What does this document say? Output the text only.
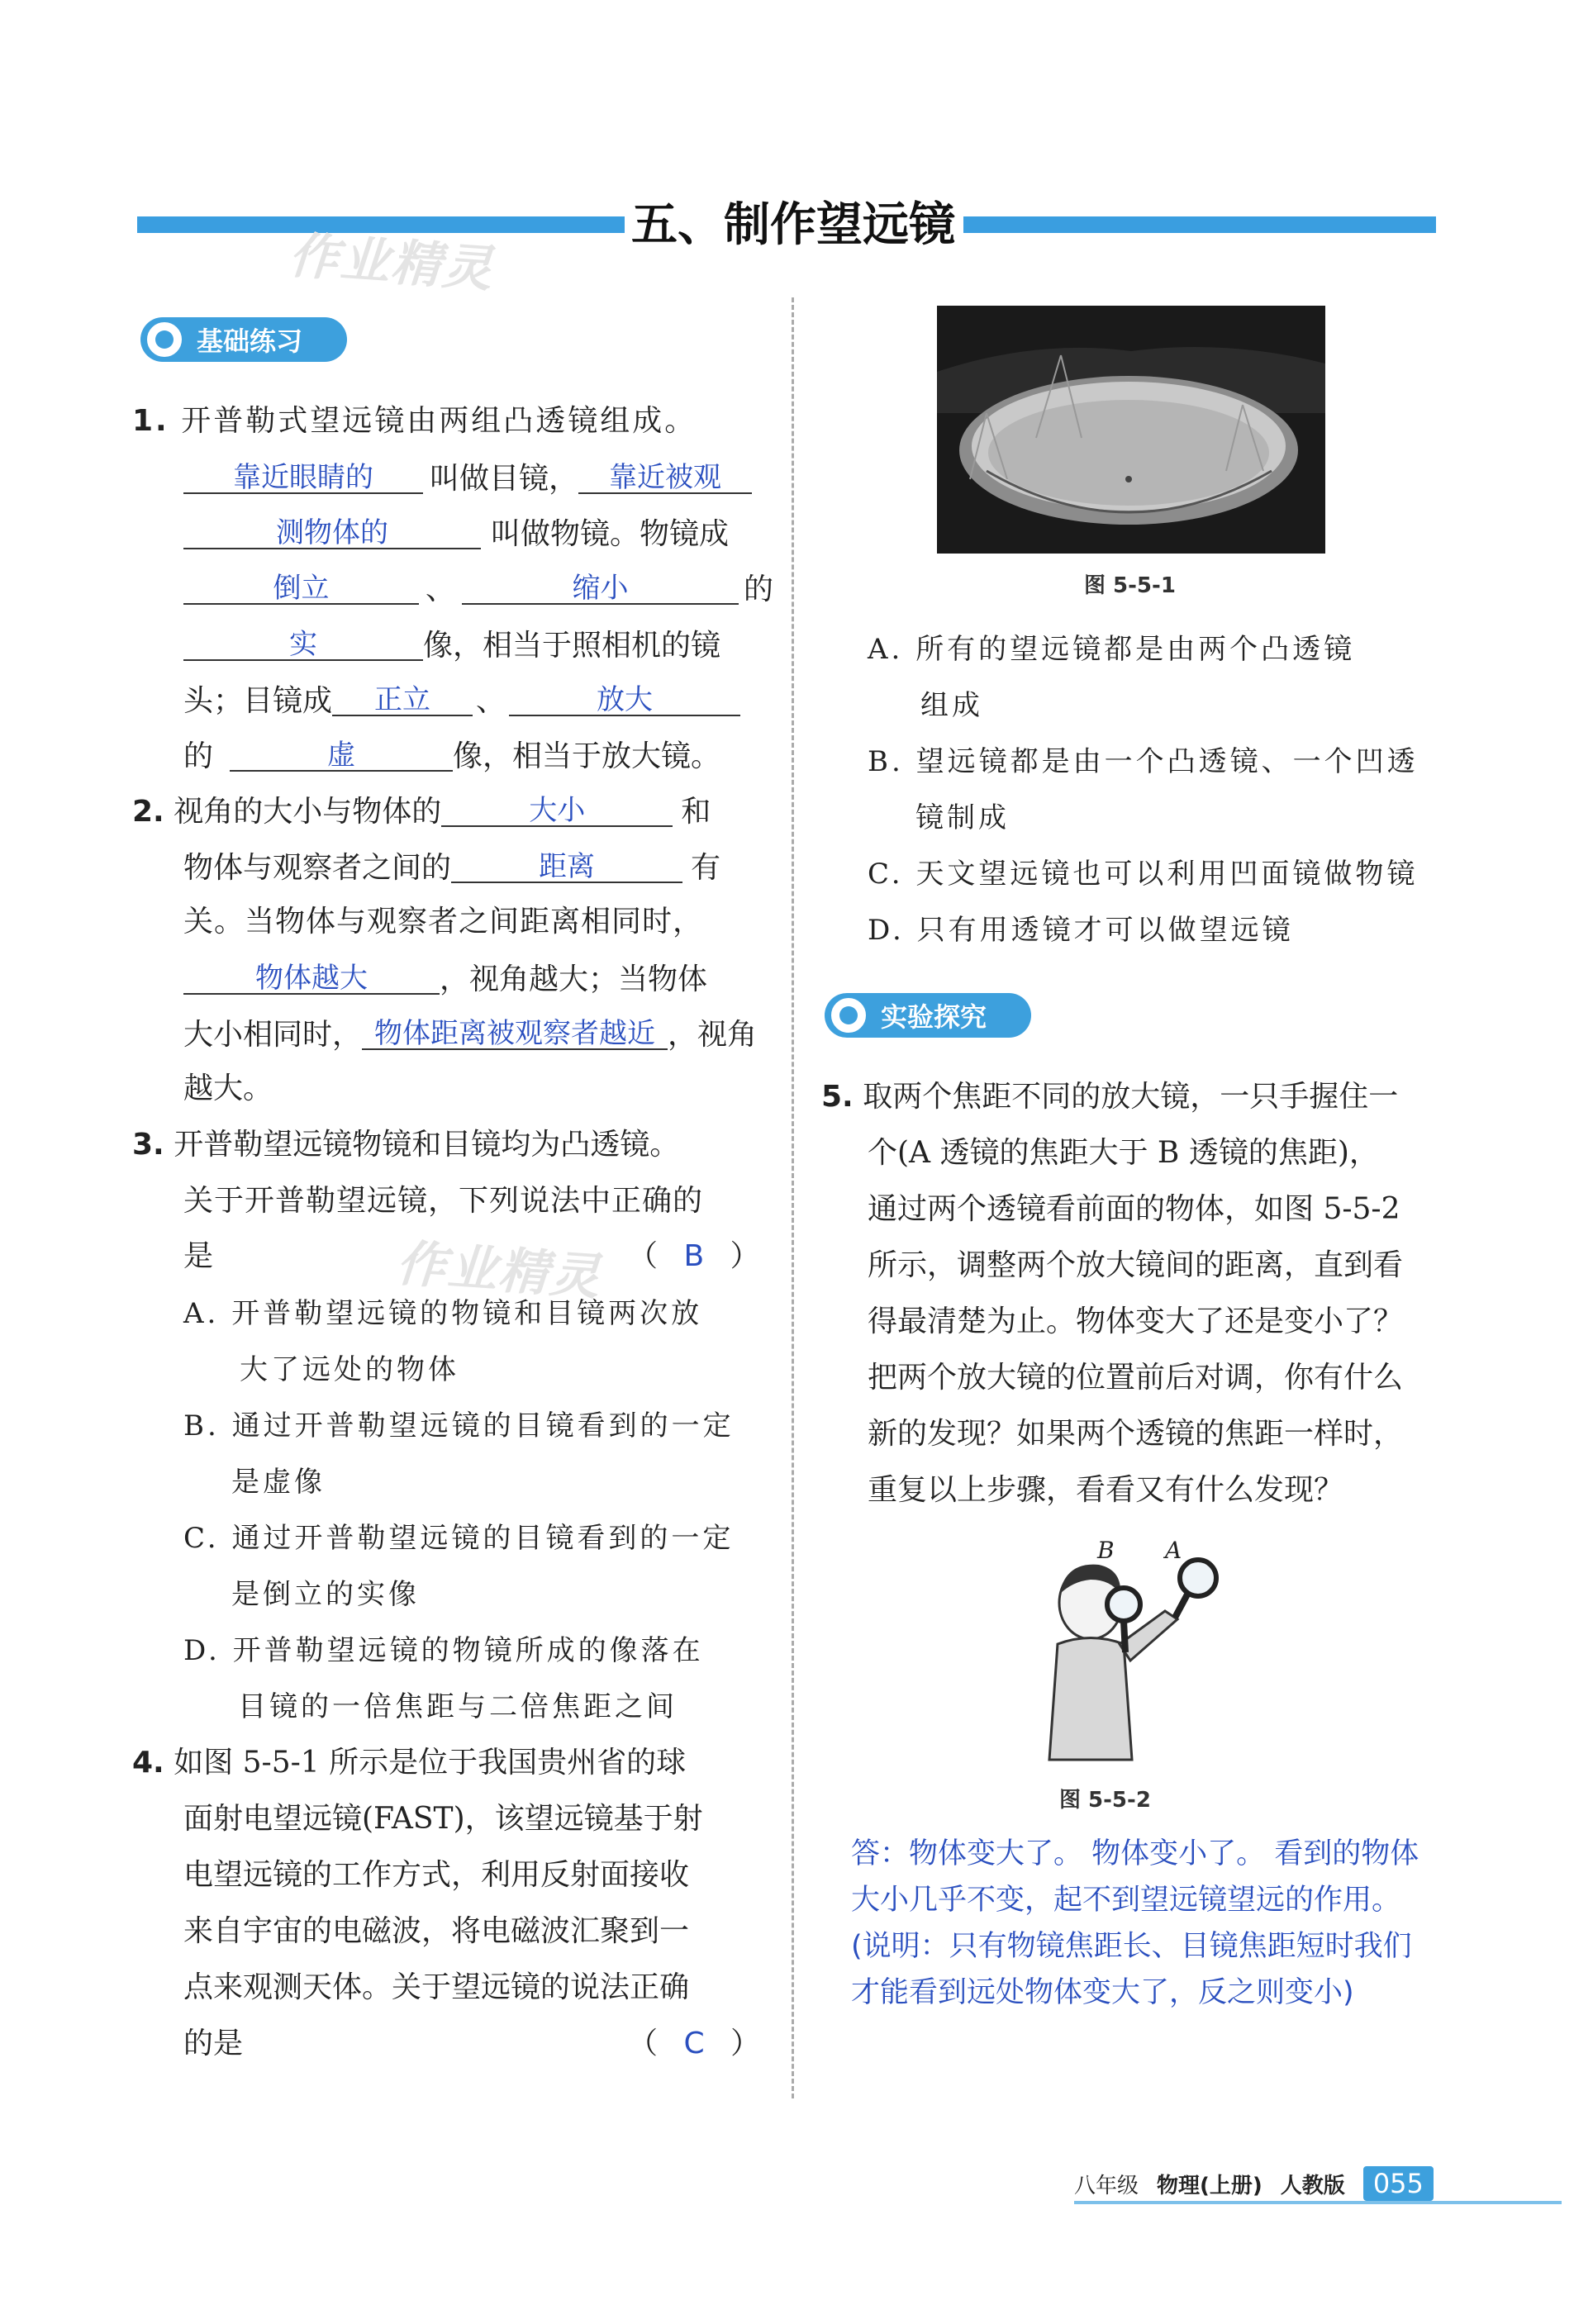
五、制作望远镜
作业精灵
作业精灵
基础练习
1. 开普勒式望远镜由两组凸透镜组成。
靠近眼睛的 叫做目镜， 靠近被观
测物体的	叫做物镜。物镜成
倒立	、	缩小	的
实	像，相当于照相机的镜
头；目镜成 正立 、	放大
的	虚	像，相当于放大镜。
2. 视角的大小与物体的	大小	和
物体与观察者之间的	距离	有
关。当物体与观察者之间距离相同时，
物体越大 ，视角越大；当物体
大小相同时， 物体距离被观察者越近 ，视角
越大。
3. 开普勒望远镜物镜和目镜均为凸透镜。
关于开普勒望远镜，下列说法中正确的
是	（ B ）
A. 开普勒望远镜的物镜和目镜两次放
大了远处的物体
B. 通过开普勒望远镜的目镜看到的一定
是虚像
C. 通过开普勒望远镜的目镜看到的一定
是倒立的实像
D. 开普勒望远镜的物镜所成的像落在
目镜的一倍焦距与二倍焦距之间
4. 如图 5-5-1 所示是位于我国贵州省的球
面射电望远镜(FAST)，该望远镜基于射
电望远镜的工作方式，利用反射面接收
来自宇宙的电磁波，将电磁波汇聚到一
点来观测天体。关于望远镜的说法正确
的是	（ C ）
图 5-5-1
A. 所有的望远镜都是由两个凸透镜
组成
B. 望远镜都是由一个凸透镜、一个凹透
镜制成
C. 天文望远镜也可以利用凹面镜做物镜
D. 只有用透镜才可以做望远镜
实验探究
5. 取两个焦距不同的放大镜，一只手握住一
个(A 透镜的焦距大于 B 透镜的焦距)，
通过两个透镜看前面的物体，如图 5-5-2
所示，调整两个放大镜间的距离，直到看
得最清楚为止。物体变大了还是变小了？
把两个放大镜的位置前后对调，你有什么
新的发现？如果两个透镜的焦距一样时，
重复以上步骤，看看又有什么发现？
B A
图 5-5-2
答：物体变大了。 物体变小了。 看到的物体
大小几乎不变，起不到望远镜望远的作用。
(说明：只有物镜焦距长、目镜焦距短时我们
才能看到远处物体变大了，反之则变小)
八年级 物理(上册) 人教版	055
